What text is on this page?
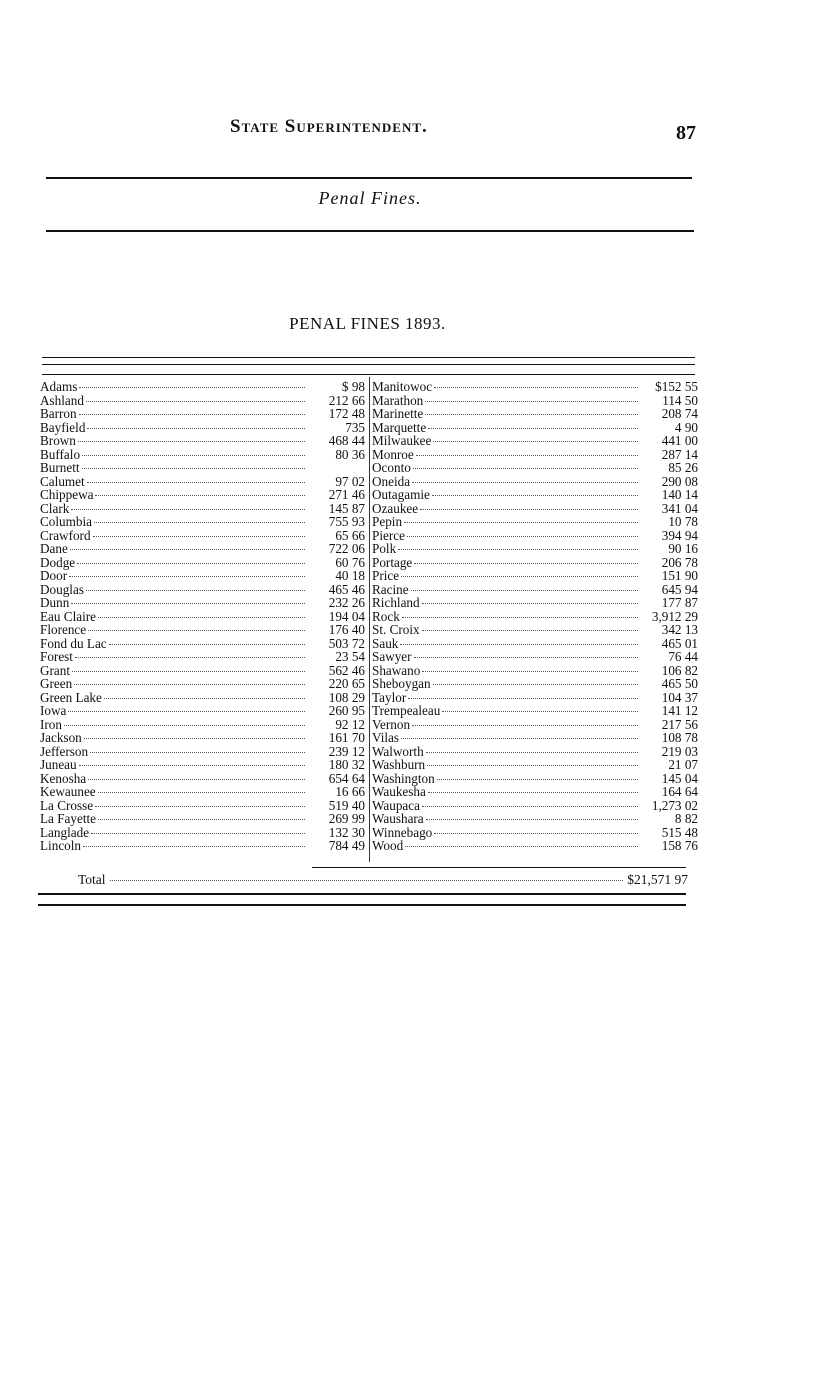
State Superintendent.	87
Penal Fines.
PENAL FINES 1893.
Adams	$ 98
Ashland	212 66
Barron	172 48
Bayfield	735
Brown	468 44
Buffalo	80 36
Burnett
Calumet	97 02
Chippewa	271 46
Clark	145 87
Columbia	755 93
Crawford	65 66
Dane	722 06
Dodge	60 76
Door	40 18
Douglas	465 46
Dunn	232 26
Eau Claire	194 04
Florence	176 40
Fond du Lac	503 72
Forest	23 54
Grant	562 46
Green	220 65
Green Lake	108 29
Iowa	260 95
Iron	92 12
Jackson	161 70
Jefferson	239 12
Juneau	180 32
Kenosha	654 64
Kewaunee	16 66
La Crosse	519 40
La Fayette	269 99
Langlade	132 30
Lincoln	784 49
Manitowoc	$152 55
Marathon	114 50
Marinette	208 74
Marquette	4 90
Milwaukee	441 00
Monroe	287 14
Oconto	85 26
Oneida	290 08
Outagamie	140 14
Ozaukee	341 04
Pepin	10 78
Pierce	394 94
Polk	90 16
Portage	206 78
Price	151 90
Racine	645 94
Richland	177 87
Rock	3,912 29
St. Croix	342 13
Sauk	465 01
Sawyer	76 44
Shawano	106 82
Sheboygan	465 50
Taylor	104 37
Trempealeau	141 12
Vernon	217 56
Vilas	108 78
Walworth	219 03
Washburn	21 07
Washington	145 04
Waukesha	164 64
Waupaca	1,273 02
Waushara	8 82
Winnebago	515 48
Wood	158 76
Total	$21,571 97
